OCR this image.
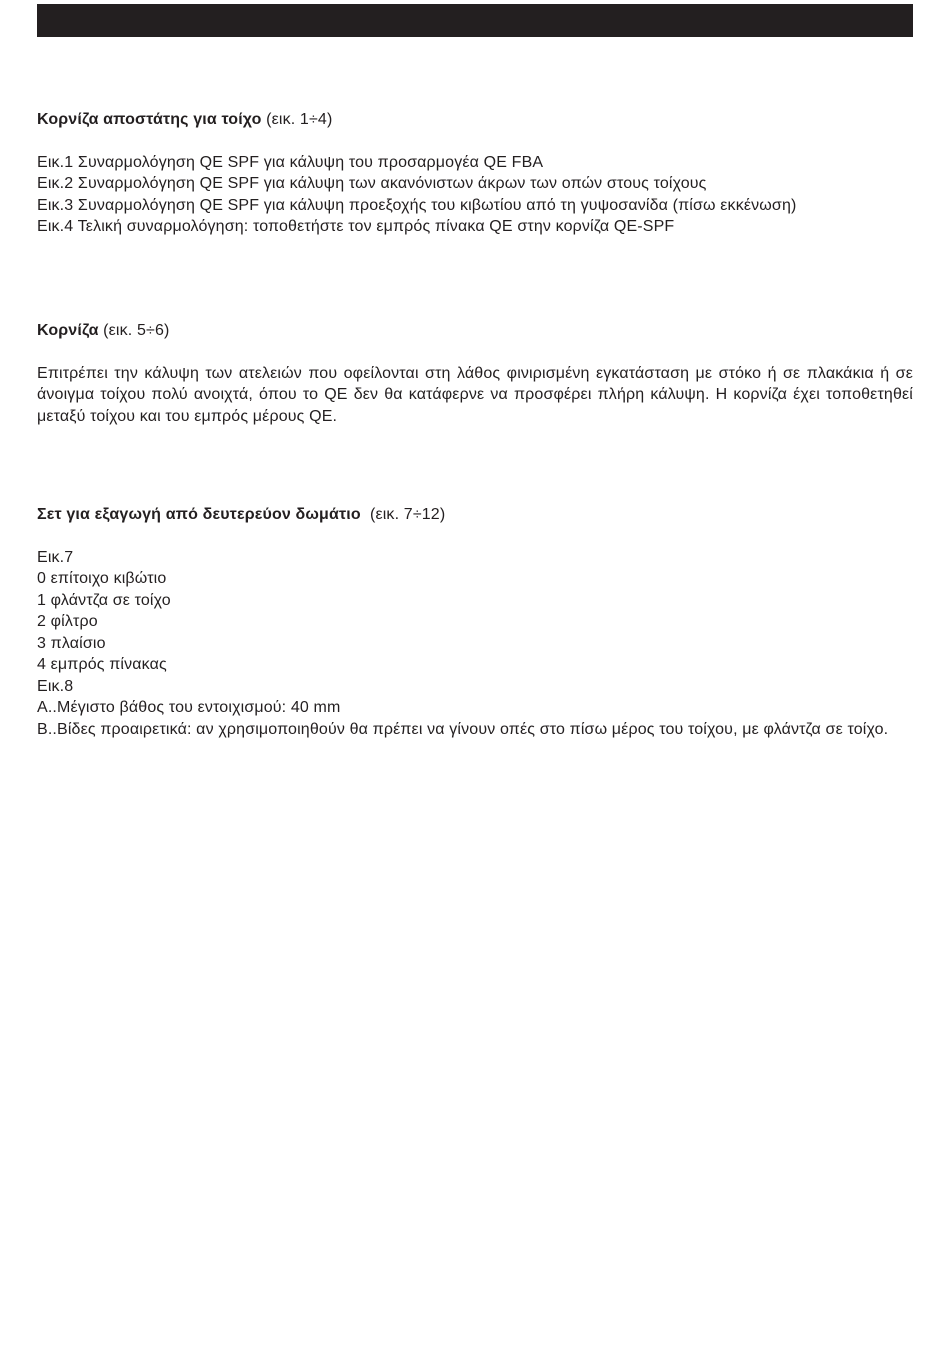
Κορνίζα αποστάτης για τοίχο (εικ. 1÷4)
Εικ.1 Συναρμολόγηση QE SPF για κάλυψη του προσαρμογέα QE FBA
Εικ.2 Συναρμολόγηση QE SPF για κάλυψη των ακανόνιστων άκρων των οπών στους τοίχους
Εικ.3 Συναρμολόγηση QE SPF για κάλυψη προεξοχής του κιβωτίου από τη γυψοσανίδα (πίσω εκκένωση)
Εικ.4 Τελική συναρμολόγηση: τοποθετήστε τον εμπρός πίνακα QE στην κορνίζα QE-SPF
Κορνίζα (εικ. 5÷6)

Επιτρέπει την κάλυψη των ατελειών που οφείλονται στη λάθος φινιρισμένη εγκατάσταση με στόκο ή σε πλακάκια ή σε άνοιγμα τοίχου πολύ ανοιχτά, όπου το QE δεν θα κατάφερνε να προσφέρει πλήρη κάλυψη. Η κορνίζα έχει τοποθετηθεί μεταξύ τοίχου και του εμπρός μέρους QE.

Σετ για εξαγωγή από δευτερεύον δωμάτιο  (εικ. 7÷12)
Εικ.7
0 επίτοιχο κιβώτιο
1 φλάντζα σε τοίχο
2 φίλτρο
3 πλαίσιο
4 εμπρός πίνακας
Εικ.8
A..Μέγιστο βάθος του εντοιχισμού: 40 mm

B..Βίδες προαιρετικά: αν χρησιμοποιηθούν θα πρέπει να γίνουν οπές στο πίσω μέρος του τοίχου, με φλάντζα σε τοίχο.
